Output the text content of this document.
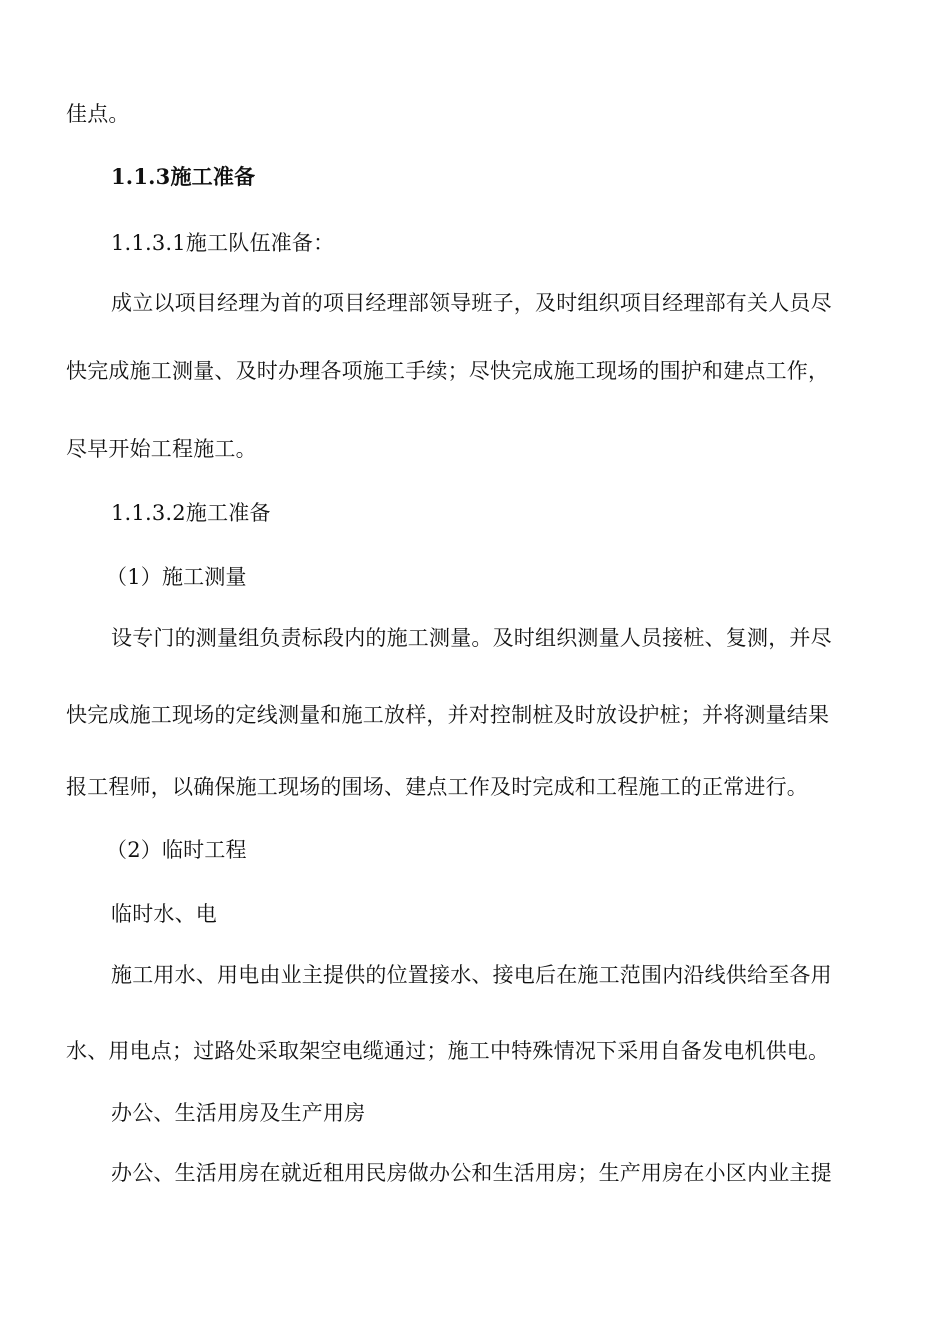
佳点。
1.1.3施工准备
1.1.3.1施工队伍准备：
成立以项目经理为首的项目经理部领导班子，及时组织项目经理部有关人员尽
快完成施工测量、及时办理各项施工手续；尽快完成施工现场的围护和建点工作，
尽早开始工程施工。
1.1.3.2施工准备
（1）施工测量
设专门的测量组负责标段内的施工测量。及时组织测量人员接桩、复测，并尽
快完成施工现场的定线测量和施工放样，并对控制桩及时放设护桩；并将测量结果
报工程师，以确保施工现场的围场、建点工作及时完成和工程施工的正常进行。
（2）临时工程
临时水、电
施工用水、用电由业主提供的位置接水、接电后在施工范围内沿线供给至各用
水、用电点；过路处采取架空电缆通过；施工中特殊情况下采用自备发电机供电。
办公、生活用房及生产用房
办公、生活用房在就近租用民房做办公和生活用房；生产用房在小区内业主提
